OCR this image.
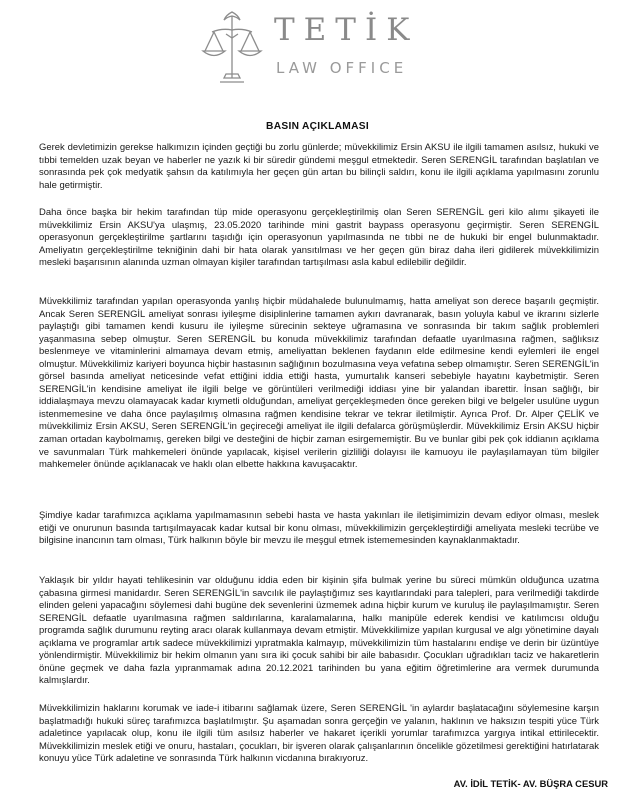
TETİK
LAW OFFICE
BASIN AÇIKLAMASI

Gerek devletimizin gerekse halkımızın içinden geçtiği bu zorlu günlerde; müvekkilimiz Ersin AKSU ile ilgili tamamen asılsız, hukuki ve tıbbi temelden uzak beyan ve haberler ne yazık ki bir süredir gündemi meşgul etmektedir. Seren SERENGİL tarafından başlatılan ve sonrasında pek çok medyatik şahsın da katılımıyla her geçen gün artan bu bilinçli saldırı, konu ile ilgili açıklama yapılmasını zorunlu hale getirmiştir.

Daha önce başka bir hekim tarafından tüp mide operasyonu gerçekleştirilmiş olan Seren SERENGİL geri kilo alımı şikayeti ile müvekkilimiz Ersin AKSU'ya ulaşmış, 23.05.2020 tarihinde mini gastrit baypass operasyonu geçirmiştir. Seren SERENGİL operasyonun gerçekleştirilme şartlarını taşıdığı için operasyonun yapılmasında ne tıbbi ne de hukuki bir engel bulunmaktadır. Ameliyatın gerçekleştirilme tekniğinin dahi bir hata olarak yansıtılması ve her geçen gün biraz daha ileri gidilerek müvekkilimizin mesleki başarısının alanında uzman olmayan kişiler tarafından tartışılması asla kabul edilebilir değildir.

Müvekkilimiz tarafından yapılan operasyonda yanlış hiçbir müdahalede bulunulmamış, hatta ameliyat son derece başarılı geçmiştir. Ancak Seren SERENGİL ameliyat sonrası iyileşme disiplinlerine tamamen aykırı davranarak, basın yoluyla kabul ve ikrarını sizlerle paylaştığı gibi tamamen kendi kusuru ile iyileşme sürecinin sekteye uğramasına ve sonrasında bir takım sağlık problemleri yaşanmasına sebep olmuştur. Seren SERENGİL bu konuda müvekkilimiz tarafından defaatle uyarılmasına rağmen, sağlıksız beslenmeye ve vitaminlerini almamaya devam etmiş, ameliyattan beklenen faydanın elde edilmesine kendi eylemleri ile engel olmuştur. Müvekkilimiz kariyeri boyunca hiçbir hastasının sağlığının bozulmasına veya vefatına sebep olmamıştır. Seren SERENGİL'in görsel basında ameliyat neticesinde vefat ettiğini iddia ettiği hasta, yumurtalık kanseri sebebiyle hayatını kaybetmiştir. Seren SERENGİL'in kendisine ameliyat ile ilgili belge ve görüntüleri verilmediği iddiası yine bir yalandan ibarettir. İnsan sağlığı, bir iddialaşmaya mevzu olamayacak kadar kıymetli olduğundan, ameliyat gerçekleşmeden önce gereken bilgi ve belgeler usulüne uygun istenmemesine ve daha önce paylaşılmış olmasına rağmen kendisine tekrar ve tekrar iletilmiştir. Ayrıca Prof. Dr. Alper ÇELİK ve müvekkilimiz Ersin AKSU, Seren SERENGİL'in geçireceği ameliyat ile ilgili defalarca görüşmüşlerdir. Müvekkilimiz Ersin AKSU hiçbir zaman ortadan kaybolmamış, gereken bilgi ve desteğini de hiçbir zaman esirgememiştir. Bu ve bunlar gibi pek çok iddianın açıklama ve savunmaları Türk mahkemeleri önünde yapılacak, kişisel verilerin gizliliği dolayısı ile kamuoyu ile paylaşılamayan tüm bilgiler mahkemeler önünde açıklanacak ve haklı olan elbette hakkına kavuşacaktır.

Şimdiye kadar tarafımızca açıklama yapılmamasının sebebi hasta ve hasta yakınları ile iletişimimizin devam ediyor olması, meslek etiği ve onurunun basında tartışılmayacak kadar kutsal bir konu olması, müvekkilimizin gerçekleştirdiği ameliyata mesleki tecrübe ve bilgisine inancının tam olması, Türk halkının böyle bir mevzu ile meşgul etmek istememesinden kaynaklanmaktadır.

Yaklaşık bir yıldır hayati tehlikesinin var olduğunu iddia eden bir kişinin şifa bulmak yerine bu süreci mümkün olduğunca uzatma çabasına girmesi manidardır. Seren SERENGİL'in savcılık ile paylaştığımız ses kayıtlarındaki para talepleri, para verilmediği takdirde elinden geleni yapacağını söylemesi dahi bugüne dek sevenlerini üzmemek adına hiçbir kurum ve kuruluş ile paylaşılmamıştır. Seren SERENGİL defaatle uyarılmasına rağmen saldırılarına, karalamalarına, halkı manipüle ederek kendisi ve katılımcısı olduğu programda sağlık durumunu reyting aracı olarak kullanmaya devam etmiştir. Müvekkilimize yapılan kurgusal ve algı yönetimine dayalı açıklama ve programlar artık sadece müvekkilimizi yıpratmakla kalmayıp, müvekkilimizin tüm hastalarını endişe ve derin bir üzüntüye yönlendirmiştir. Müvekkilimiz bir hekim olmanın yanı sıra iki çocuk sahibi bir aile babasıdır. Çocukları uğradıkları taciz ve hakaretlerin önüne geçmek ve daha fazla yıpranmamak adına 20.12.2021 tarihinden bu yana eğitim öğretimlerine ara vermek durumunda kalmışlardır.

Müvekkilimizin haklarını korumak ve iade-i itibarını sağlamak üzere, Seren SERENGİL 'in aylardır başlatacağını söylemesine karşın başlatmadığı hukuki süreç tarafımızca başlatılmıştır. Şu aşamadan sonra gerçeğin ve yalanın, haklının ve haksızın tespiti yüce Türk adaletince yapılacak olup, konu ile ilgili tüm asılsız haberler ve hakaret içerikli yorumlar tarafımızca yargıya intikal ettirilecektir. Müvekkilimizin meslek etiği ve onuru, hastaları, çocukları, bir işveren olarak çalışanlarının öncelikle gözetilmesi gerektiğini hatırlatarak konuyu yüce Türk adaletine ve sonrasında Türk halkının vicdanına bırakıyoruz.

AV. İDİL TETİK- AV. BÜŞRA CESUR
